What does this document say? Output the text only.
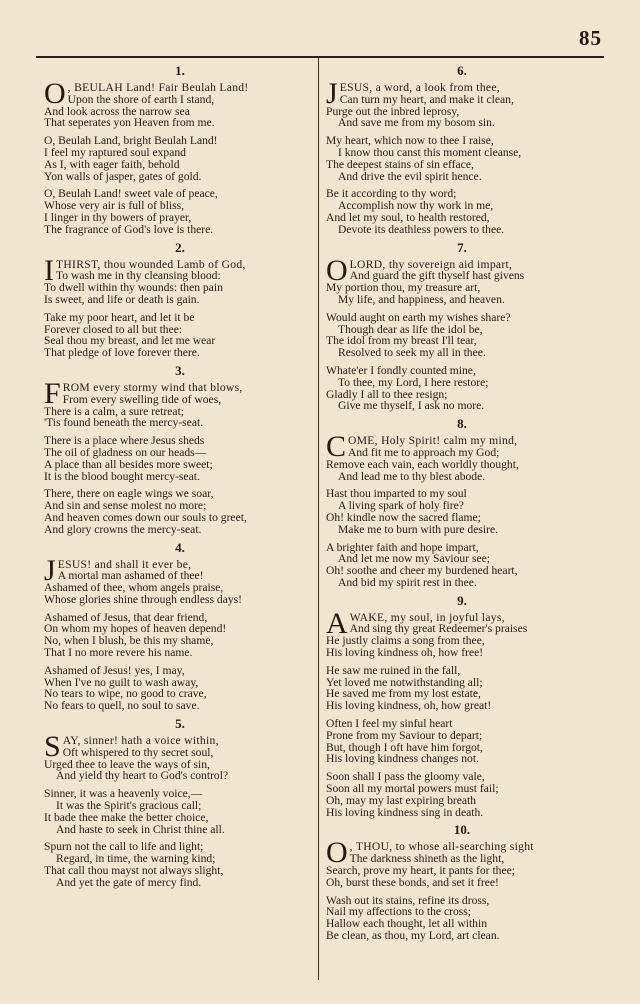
85
1.
O , BEULAH Land! Fair Beulah Land!
Upon the shore of earth I stand,
And look across the narrow sea
That seperates yon Heaven from me.
O, Beulah Land, bright Beulah Land!
I feel my raptured soul expand
As I, with eager faith, behold
Yon walls of jasper, gates of gold.
O, Beulah Land! sweet vale of peace,
Whose very air is full of bliss,
I linger in thy bowers of prayer,
The fragrance of God's love is there.
2.
I THIRST, thou wounded Lamb of God,
To wash me in thy cleansing blood:
To dwell within thy wounds: then pain
Is sweet, and life or death is gain.
Take my poor heart, and let it be
Forever closed to all but thee:
Seal thou my breast, and let me wear
That pledge of love forever there.
3.
F ROM every stormy wind that blows,
From every swelling tide of woes,
There is a calm, a sure retreat;
'Tis found beneath the mercy-seat.
There is a place where Jesus sheds
The oil of gladness on our heads—
A place than all besides more sweet;
It is the blood bought mercy-seat.
There, there on eagle wings we soar,
And sin and sense molest no more;
And heaven comes down our souls to greet,
And glory crowns the mercy-seat.
4.
J ESUS! and shall it ever be,
A mortal man ashamed of thee!
Ashamed of thee, whom angels praise,
Whose glories shine through endless days!
Ashamed of Jesus, that dear friend,
On whom my hopes of heaven depend!
No, when I blush, be this my shame,
That I no more revere his name.
Ashamed of Jesus! yes, I may,
When I've no guilt to wash away,
No tears to wipe, no good to crave,
No fears to quell, no soul to save.
5.
S AY, sinner! hath a voice within,
Oft whispered to thy secret soul,
Urged thee to leave the ways of sin,
And yield thy heart to God's control?
Sinner, it was a heavenly voice,—
It was the Spirit's gracious call;
It bade thee make the better choice,
And haste to seek in Christ thine all.
Spurn not the call to life and light;
Regard, in time, the warning kind;
That call thou mayst not always slight,
And yet the gate of mercy find.
6.
J ESUS, a word, a look from thee,
Can turn my heart, and make it clean,
Purge out the inbred leprosy,
And save me from my bosom sin.
My heart, which now to thee I raise,
I know thou canst this moment cleanse,
The deepest stains of sin efface,
And drive the evil spirit hence.
Be it according to thy word;
Accomplish now thy work in me,
And let my soul, to health restored,
Devote its deathless powers to thee.
7.
O LORD, thy sovereign aid impart,
And guard the gift thyself hast givens
My portion thou, my treasure art,
My life, and happiness, and heaven.
Would aught on earth my wishes share?
Though dear as life the idol be,
The idol from my breast I'll tear,
Resolved to seek my all in thee.
Whate'er I fondly counted mine,
To thee, my Lord, I here restore;
Gladly I all to thee resign;
Give me thyself, I ask no more.
8.
C OME, Holy Spirit! calm my mind,
And fit me to approach my God;
Remove each vain, each worldly thought,
And lead me to thy blest abode.
Hast thou imparted to my soul
A living spark of holy fire?
Oh! kindle now the sacred flame;
Make me to burn with pure desire.
A brighter faith and hope impart,
And let me now my Saviour see;
Oh! soothe and cheer my burdened heart,
And bid my spirit rest in thee.
9.
A WAKE, my soul, in joyful lays,
And sing thy great Redeemer's praises
He justly claims a song from thee,
His loving kindness oh, how free!
He saw me ruined in the fall,
Yet loved me notwithstanding all;
He saved me from my lost estate,
His loving kindness, oh, how great!
Often I feel my sinful heart
Prone from my Saviour to depart;
But, though I oft have him forgot,
His loving kindness changes not.
Soon shall I pass the gloomy vale,
Soon all my mortal powers must fail;
Oh, may my last expiring breath
His loving kindness sing in death.
10.
O , THOU, to whose all-searching sight
The darkness shineth as the light,
Search, prove my heart, it pants for thee;
Oh, burst these bonds, and set it free!
Wash out its stains, refine its dross,
Nail my affections to the cross;
Hallow each thought, let all within
Be clean, as thou, my Lord, art clean.
